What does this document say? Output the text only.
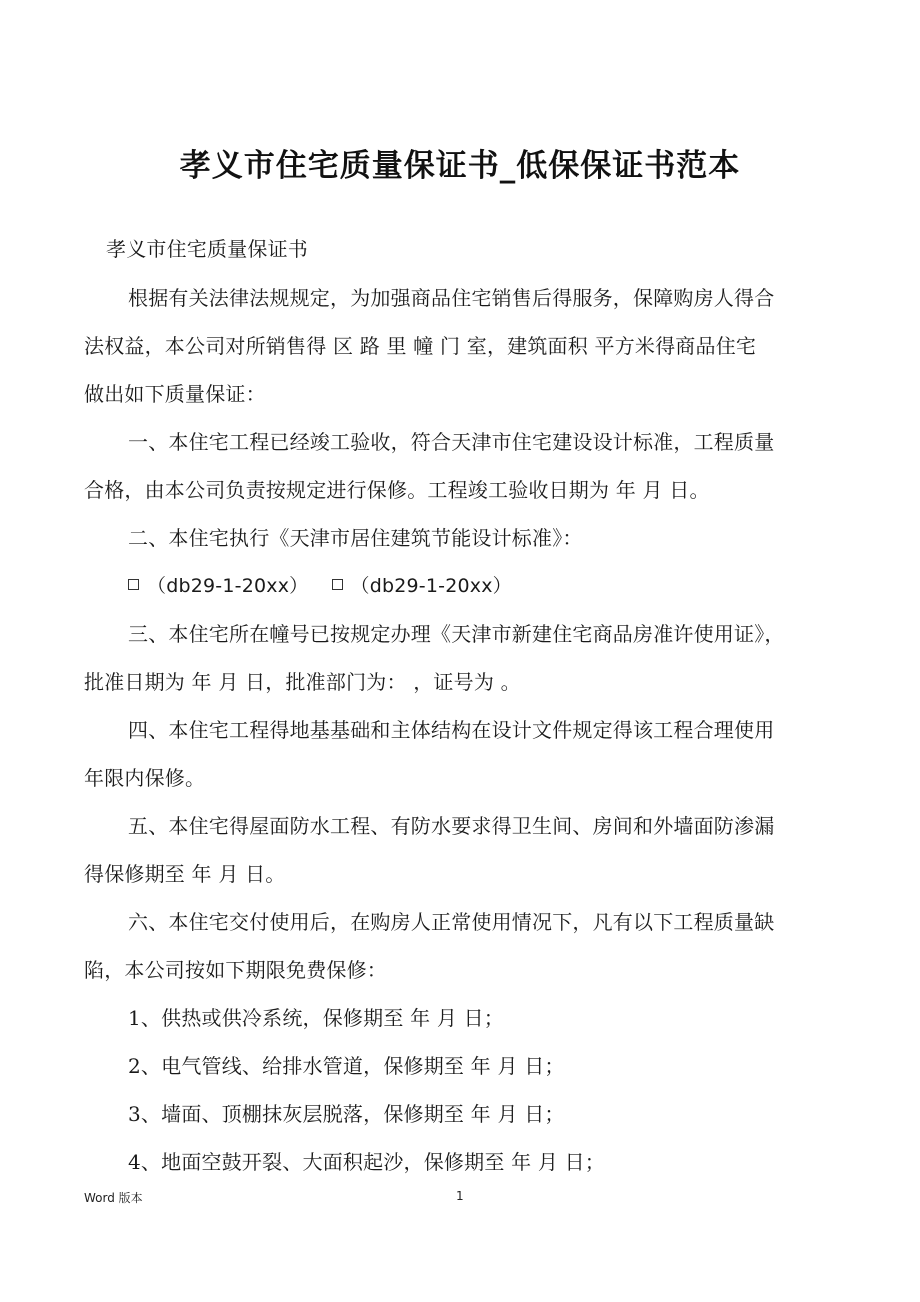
孝义市住宅质量保证书_低保保证书范本
孝义市住宅质量保证书
根据有关法律法规规定，为加强商品住宅销售后得服务，保障购房人得合
法权益，本公司对所销售得 区 路 里 幢 门 室，建筑面积 平方米得商品住宅
做出如下质量保证：
一、本住宅工程已经竣工验收，符合天津市住宅建设设计标准，工程质量
合格，由本公司负责按规定进行保修。工程竣工验收日期为 年 月 日。
二、本住宅执行《天津市居住建筑节能设计标准》：
（db29-1-20xx） （db29-1-20xx）
三、本住宅所在幢号已按规定办理《天津市新建住宅商品房准许使用证》，
批准日期为 年 月 日，批准部门为： ，证号为 。
四、本住宅工程得地基基础和主体结构在设计文件规定得该工程合理使用
年限内保修。
五、本住宅得屋面防水工程、有防水要求得卫生间、房间和外墙面防渗漏
得保修期至 年 月 日。
六、本住宅交付使用后，在购房人正常使用情况下，凡有以下工程质量缺
陷，本公司按如下期限免费保修：
1、供热或供冷系统，保修期至 年 月 日；
2、电气管线、给排水管道，保修期至 年 月 日；
3、墙面、顶棚抹灰层脱落，保修期至 年 月 日；
4、地面空鼓开裂、大面积起沙，保修期至 年 月 日；
Word 版本	1
